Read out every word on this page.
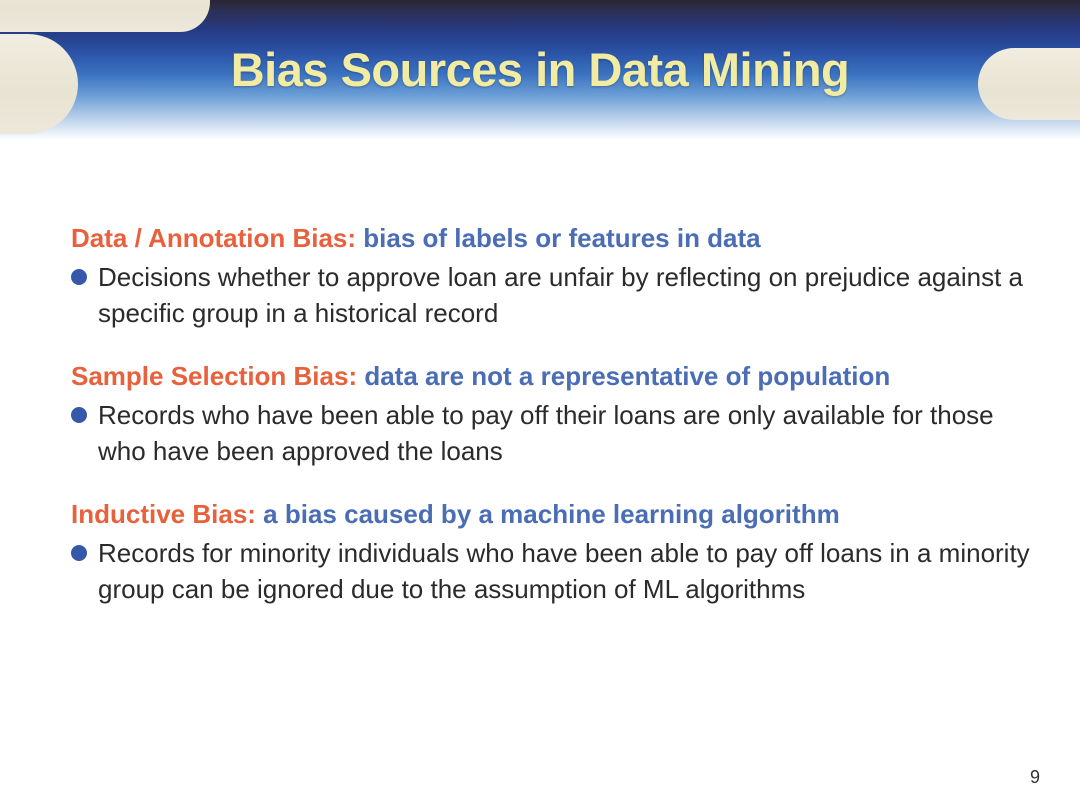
Bias Sources in Data Mining
Data / Annotation Bias: bias of labels or features in data
Decisions whether to approve loan are unfair by reflecting on prejudice against a specific group in a historical record
Sample Selection Bias: data are not a representative of population
Records who have been able to pay off their loans are only available for those who have been approved the loans
Inductive Bias: a bias caused by a machine learning algorithm
Records for minority individuals who have been able to pay off loans in a minority group can be ignored due to the assumption of ML algorithms
9
